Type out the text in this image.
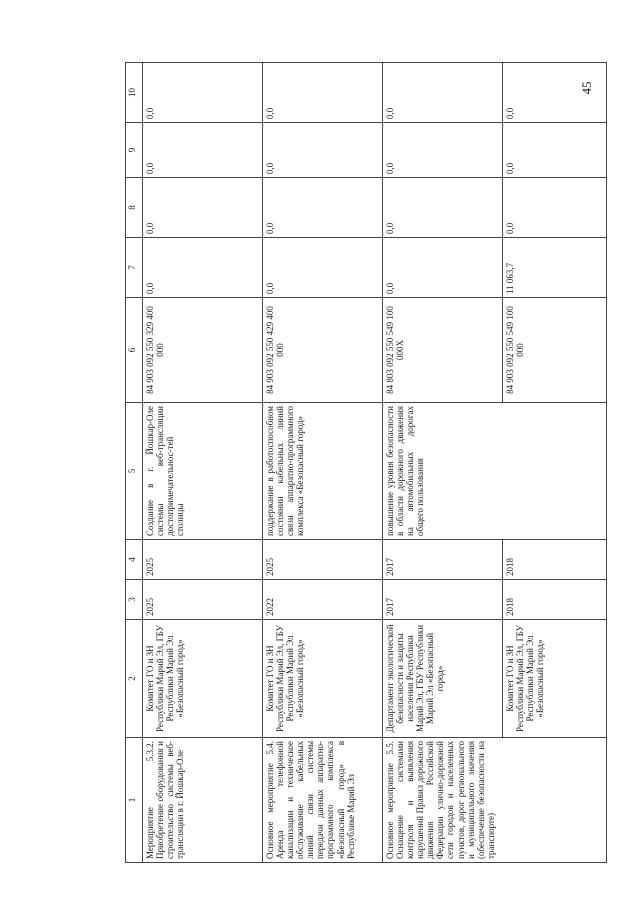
45
1	2	3	4	5	6	7	8	9	10
Мероприятие 5.3.2. Приобретение оборудования и строительство системы веб-трансляции в г. Йошкар-Оле	Комитет ГО и ЗН Республики Марий Эл, ГБУ Республики Марий Эл «Безопасный город»	2025	2025	Создание в г. Йошкар-Оле системы веб-трансляции достопримечательнос-тей столицы	84 903 092 550 329 400 000	0,0	0,0	0,0	0,0
Основное мероприятие 5.4. Аренда телефонной канализации и техническое обслуживание кабельных линий связи системы передачи данных аппаратно-программного комплекса «Безопасный город» в Республике Марий Эл	Комитет ГО и ЗН Республики Марий Эл, ГБУ Республики Марий Эл «Безопасный город»	2022	2025	поддержание в работоспособном состоянии кабельных линий связи аппаратно-программного комплекса «Безопасный город»	84 903 092 550 429 400 000	0,0	0,0	0,0	0,0
Основное мероприятие 5.5. Оснащение системами контроля и выявления нарушений Правил дорожного движения Российской Федерации улично-дорожной сети городов и населенных пунктов, дорог регионального и муниципального значения (обеспечение безопасности на транспорте)	Департамент экологической безопасности и защиты населения Республики Марий Эл, ГБУ Республики Марий Эл «Безопасный город»	2017	2017	повышение уровня безопасности в области дорожного движения на автомобильных дорогах общего пользования	84 803 092 550 549 100 000Х	0,0	0,0	0,0	0,0
	Комитет ГО и ЗН Республики Марий Эл, ГБУ Республики Марий Эл «Безопасный город»	2018	2018		84 903 092 550 549 100 000	11 063,7	0,0	0,0	0,0
